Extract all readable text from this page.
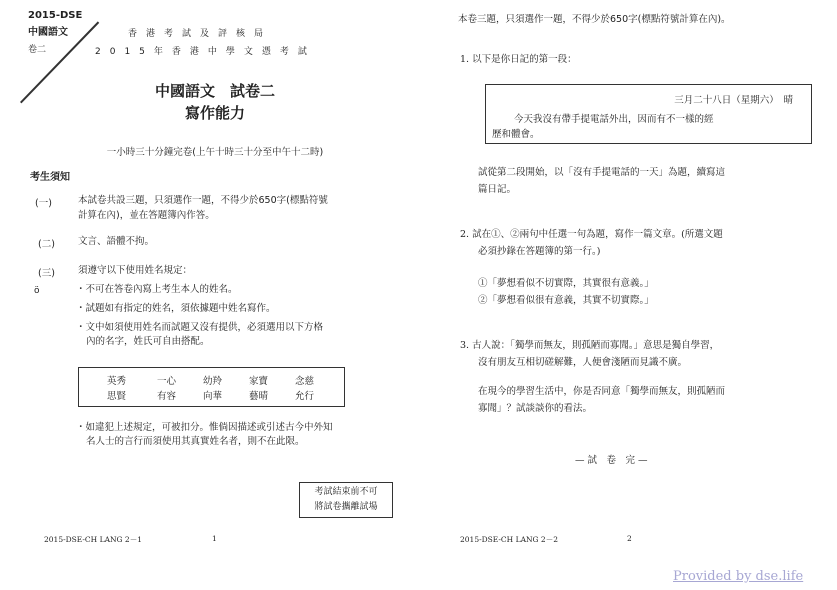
2015-DSE
中國語文
卷二
香港考試及評核局
2015年香港中學文憑考試
中國語文　試卷二
寫作能力
一小時三十分鐘完卷(上午十時三十分至中午十二時)
考生須知
(一)	本試卷共設三題，只須選作一題，不得少於650字(標點符號
計算在內)，並在答題簿內作答。
(二) 文言、語體不拘。
(三) 須遵守以下使用姓名規定：
ö	・不可在答卷內寫上考生本人的姓名。
・試題如有指定的姓名，須依據題中姓名寫作。
・文中如須使用姓名而試題又沒有提供，必須選用以下方格
內的名字，姓氏可自由搭配。
英秀	一心	幼羚	家寶	念慈
思賢	有容	向華	藝晴	允行
・如違犯上述規定，可被扣分。惟倘因描述或引述古今中外知
名人士的言行而須使用其真實姓名者，則不在此限。
考試結束前不可
將試卷攜離試場
2015-DSE-CH LANG 2－1	1
本卷三題，只須選作一題，不得少於650字(標點符號計算在內)。
1. 以下是你日記的第一段：
三月二十八日（星期六）　晴
今天我沒有帶手提電話外出，因而有不一樣的經
歷和體會。
試從第二段開始，以「沒有手提電話的一天」為題，續寫這
篇日記。
2. 試在①、②兩句中任選一句為題，寫作一篇文章。(所選文題
必須抄錄在答題簿的第一行。)
①「夢想看似不切實際，其實很有意義。」
②「夢想看似很有意義，其實不切實際。」
3. 古人說：「獨學而無友，則孤陋而寡聞。」意思是獨自學習，
沒有朋友互相切磋解難，人便會淺陋而見識不廣。
在現今的學習生活中，你是否同意「獨學而無友，則孤陋而
寡聞」？試談談你的看法。
— 試　卷　完 —
2015-DSE-CH LANG 2－2	2
Provided by dse.life
